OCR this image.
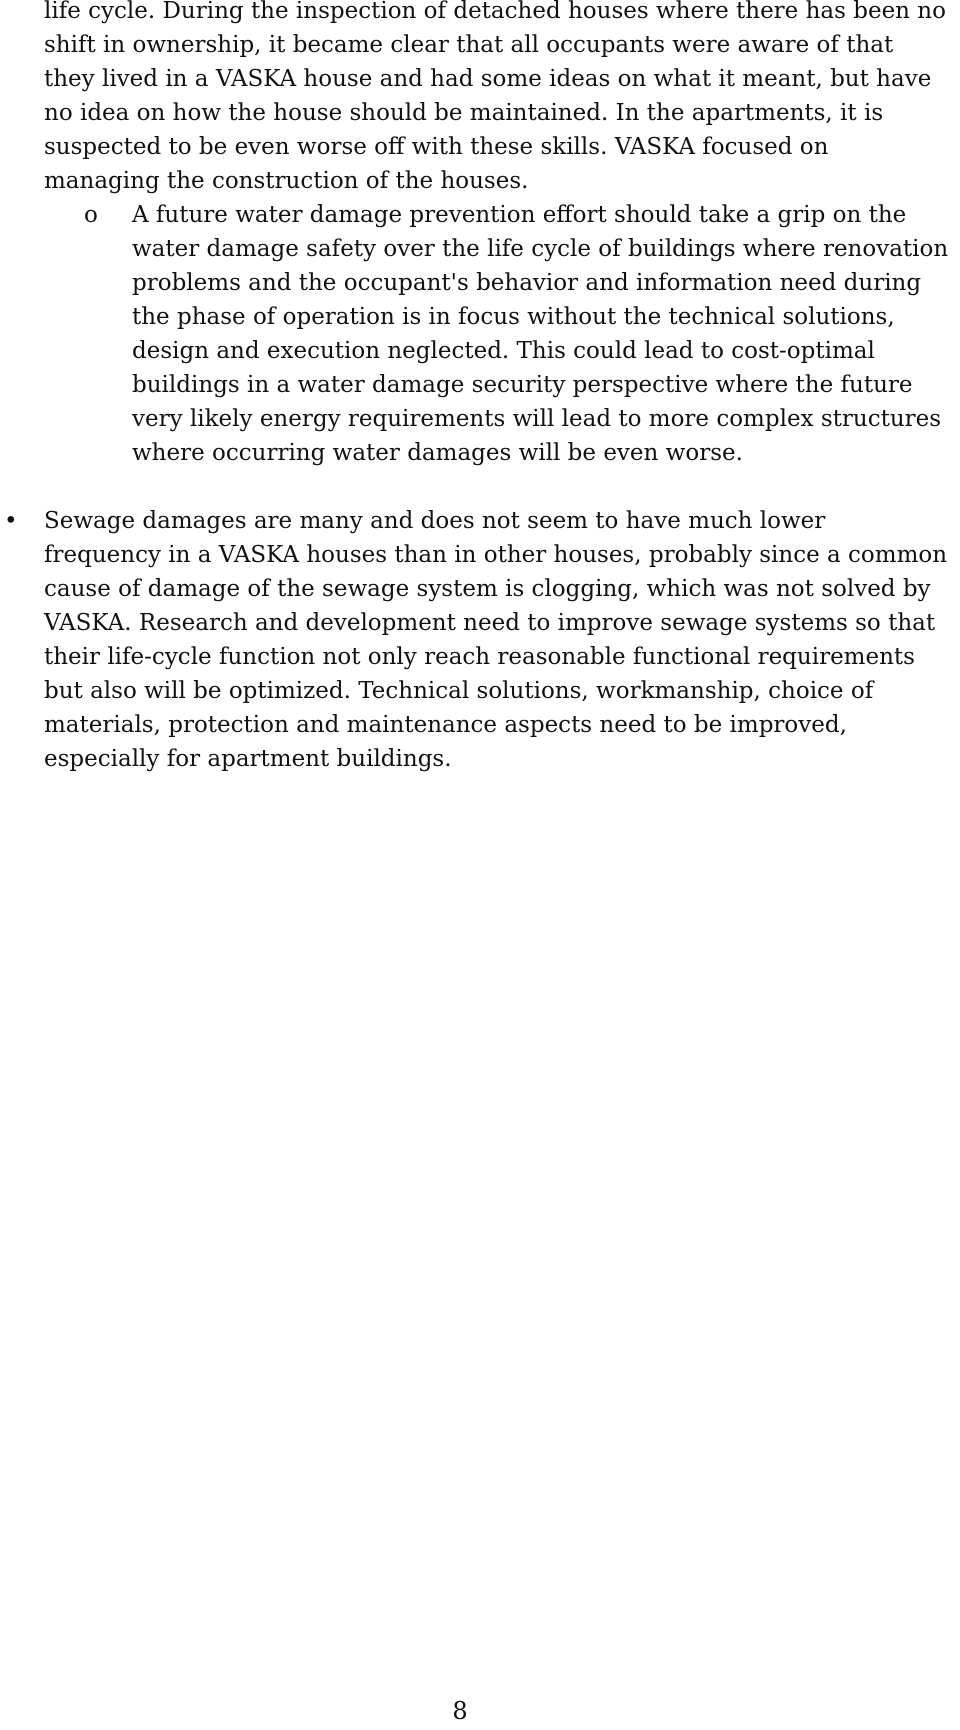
life cycle. During the inspection of detached houses where there has been no shift in ownership, it became clear that all occupants were aware of that they lived in a VASKA house and had some ideas on what it meant, but have no idea on how the house should be maintained. In the apartments, it is suspected to be even worse off with these skills. VASKA focused on managing the construction of the houses.

o	A future water damage prevention effort should take a grip on the water damage safety over the life cycle of buildings where renovation problems and the occupant's behavior and information need during the phase of operation is in focus without the technical solutions, design and execution neglected. This could lead to cost-optimal buildings in a water damage security perspective where the future very likely energy requirements will lead to more complex structures where occurring water damages will be even worse.

•	Sewage damages are many and does not seem to have much lower frequency in a VASKA houses than in other houses, probably since a common cause of damage of the sewage system is clogging, which was not solved by VASKA. Research and development need to improve sewage systems so that their life-cycle function not only reach reasonable functional requirements but also will be optimized. Technical solutions, workmanship, choice of materials, protection and maintenance aspects need to be improved, especially for apartment buildings.

8
